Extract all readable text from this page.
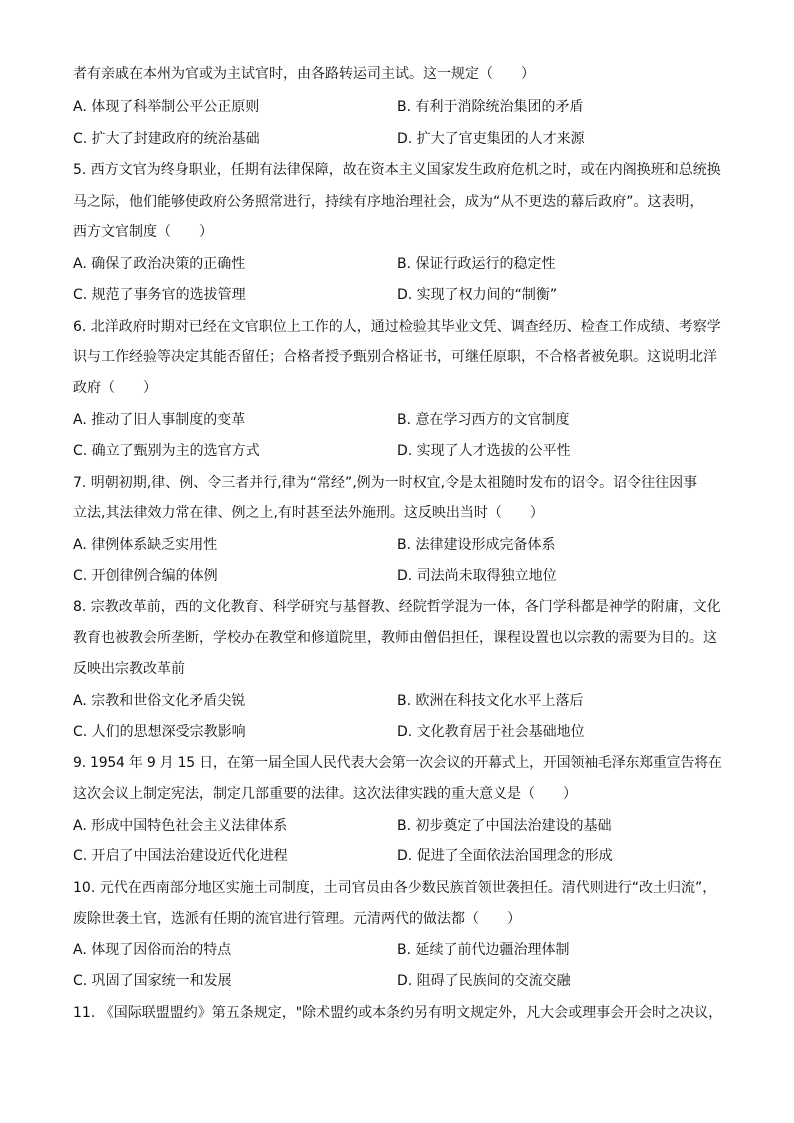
者有亲戚在本州为官或为主试官时，由各路转运司主试。这一规定（　　）
A. 体现了科举制公平公正原则	B. 有利于消除统治集团的矛盾
C. 扩大了封建政府的统治基础	D. 扩大了官吏集团的人才来源
5. 西方文官为终身职业，任期有法律保障，故在资本主义国家发生政府危机之时，或在内阁换班和总统换
马之际，他们能够使政府公务照常进行，持续有序地治理社会，成为“从不更迭的幕后政府”。这表明，
西方文官制度（　　）
A. 确保了政治决策的正确性	B. 保证行政运行的稳定性
C. 规范了事务官的选拔管理	D. 实现了权力间的“制衡”
6. 北洋政府时期对已经在文官职位上工作的人，通过检验其毕业文凭、调查经历、检查工作成绩、考察学
识与工作经验等决定其能否留任；合格者授予甄别合格证书，可继任原职，不合格者被免职。这说明北洋
政府（　　）
A. 推动了旧人事制度的变革	B. 意在学习西方的文官制度
C. 确立了甄别为主的选官方式	D. 实现了人才选拔的公平性
7. 明朝初期,律、例、令三者并行,律为“常经”,例为一时权宜,令是太祖随时发布的诏令。诏令往往因事
立法,其法律效力常在律、例之上,有时甚至法外施刑。这反映出当时（　　）
A. 律例体系缺乏实用性	B. 法律建设形成完备体系
C. 开创律例合编的体例	D. 司法尚未取得独立地位
8. 宗教改革前，西的文化教育、科学研究与基督教、经院哲学混为一体，各门学科都是神学的附庸，文化
教育也被教会所垄断，学校办在教堂和修道院里，教师由僧侣担任，课程设置也以宗教的需要为目的。这
反映出宗教改革前
A. 宗教和世俗文化矛盾尖锐	B. 欧洲在科技文化水平上落后
C. 人们的思想深受宗教影响	D. 文化教育居于社会基础地位
9. 1954 年 9 月 15 日，在第一届全国人民代表大会第一次会议的开幕式上，开国领袖毛泽东郑重宣告将在
这次会议上制定宪法，制定几部重要的法律。这次法律实践的重大意义是（　　）
A. 形成中国特色社会主义法律体系	B. 初步奠定了中国法治建设的基础
C. 开启了中国法治建设近代化进程	D. 促进了全面依法治国理念的形成
10. 元代在西南部分地区实施土司制度，土司官员由各少数民族首领世袭担任。清代则进行“改土归流”，
废除世袭土官，选派有任期的流官进行管理。元清两代的做法都（　　）
A. 体现了因俗而治的特点	B. 延续了前代边疆治理体制
C. 巩固了国家统一和发展	D. 阻碍了民族间的交流交融
11. 《国际联盟盟约》第五条规定，"除术盟约或本条约另有明文规定外，凡大会或理事会开会时之决议，
